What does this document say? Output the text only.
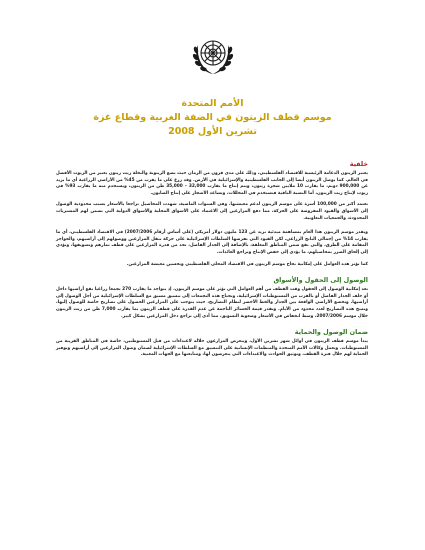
الأمم المتحدة
موسم قطف الزيتون في الضفة الغربية وقطاع غزة
تشرين الأول 2008
خلفية

يعتبر الزيتون الدعامة الرئيسية للاقتصاد الفلسطيني، وذلك على مدى قرون من الزمان حيث تضع الزيتونة والنخلة زيت زيتون يعتبر من الزيوت الأفضل في العالم. كما يوصل الزيتون أيضا إلى الجانب الفلسطينية والإسرائيلية في الأرض. وقد زرع على ما يقرب من 45% من الأراضي الزراعية أي ما يزيد عن 900,000 دونم، ما يقارب 10 ملايين شجرة زيتون، ويتم إنتاج ما يقارب 32,000 – 35,000 طن من الزيتون، ويستخدم منه ما يقارب 93% في زيوت لإنتاج زيت الزيتون، أما النسبة الباقية فتستخدم في المخللات، وتساعد الأشجار على إنتاج الصابون.

تعتمد أكثر من 100,000 أسرة على موسم الزيتون لدعم معيشتها. وفي السنوات الماضية، شهدت المحاصيل تراجعا بالأسعار بسبب محدودية الوصول إلى الأسواق والقيود المفروضة على الحركة، مما دفع المزارعين إلى الاعتماد على الأسواق المحلية والأسواق الدولية التي تضمن لهم المشتريات المحدودة، والجمعيات التعاونية.

ويقدر موسم الزيتون هذا العام بمساهمة مبدئية تزيد عن 123 مليون دولار أمريكي (على أساس أرقام 2007/2006) في الاقتصاد الفلسطيني، أي ما يقارب 14% من إجمالي الناتج الزراعي. لكن القيود التي تفرضها السلطات الإسرائيلية على حركة تنقل المزارعين ووصولهم إلى أراضيهم، والحواجز المقامة على الطرق، والتي تقع ضمن المناطق المغلقة، بالإضافة إلى الجدار الفاصل، تحد من قدرة المزارعين على قطف ثمارهم وتسويقها، وتؤدي إلى إلحاق الضرر بمحاصيلهم، ما يؤدي إلى خفض الإنتاج وتراجع العائدات.

كما تؤثر هذه العوامل على إمكانية نجاح موسم الزيتون في الاقتصاد المحلي الفلسطيني وتحسين معيشة المزارعين.

الوصول إلى الحقول والأسواق

تعد إمكانية الوصول إلى الحقول وقت القطف من أهم العوامل التي تؤثر على موسم الزيتون، إذ يتواجد ما يقارب 270 تجمعا زراعيا تقع أراضيها داخل أو خلف الجدار الفاصل أو بالقرب من المستوطنات الإسرائيلية، وتحتاج هذه التجمعات إلى تنسيق مسبق مع السلطات الإسرائيلية من أجل الوصول إلى أراضيها. وتخضع الأراضي الواقعة بين الجدار والخط الأخضر لنظام التصاريح، حيث يتوجب على المزارعين الحصول على تصاريح خاصة للوصول إليها، وتمنح هذه التصاريح لعدد محدود من الأيام. وتقدر قيمة الخسائر الناجمة عن عدم القدرة على قطف الزيتون بما يقارب 7,000 طن من زيت الزيتون خلال موسم 2007/2006، وسط انخفاض في الأسعار وصعوبة التسويق، مما أدى إلى تراجع دخل المزارعين بشكل كبير.

ضمان الوصول والحماية

يبدأ موسم قطف الزيتون في أوائل شهر تشرين الأول، ويتعرض المزارعون خلاله لاعتداءات من قبل المستوطنين، خاصة في المناطق القريبة من المستوطنات. وتعمل وكالات الأمم المتحدة والمنظمات الإنسانية على التنسيق مع السلطات الإسرائيلية لضمان وصول المزارعين إلى أراضيهم وتوفير الحماية لهم خلال فترة القطف، وتوثيق الحوادث والاعتداءات التي يتعرضون لها، ومتابعتها مع الجهات المعنية.
